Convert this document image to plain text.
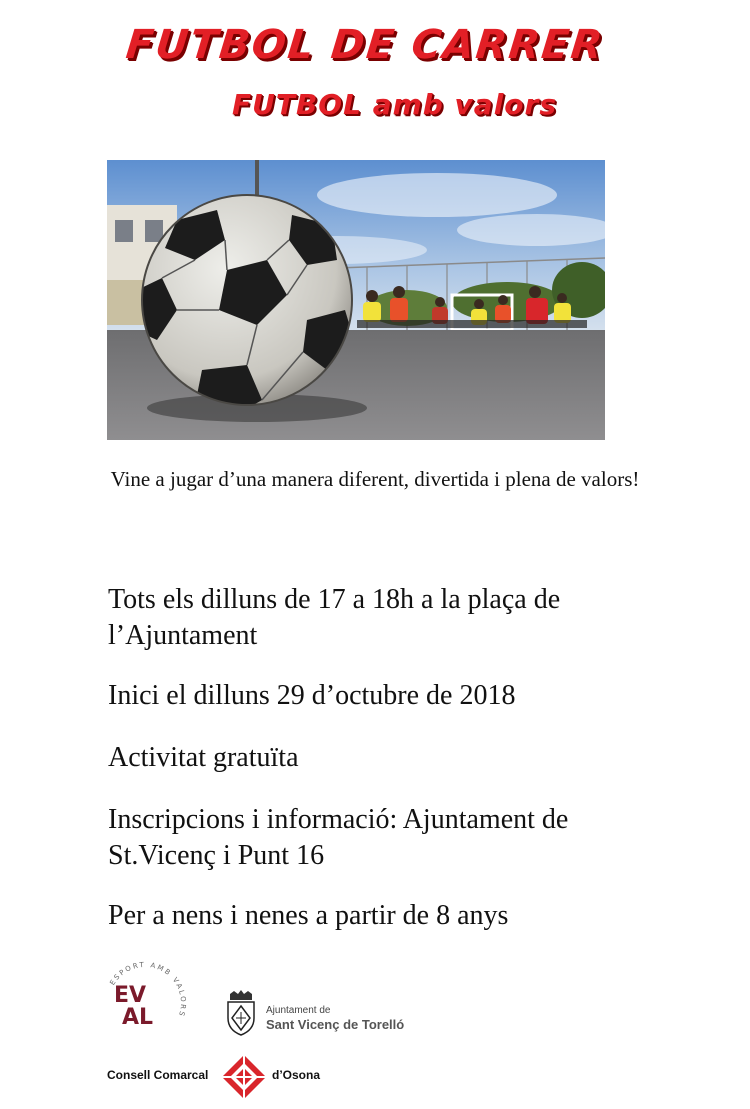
FUTBOL DE CARRER
FUTBOL amb valors
Vine a jugar d’una manera diferent, divertida i plena de valors!
Tots els dilluns de 17 a 18h a la plaça de l’Ajuntament
Inici el dilluns 29 d’octubre de 2018
Activitat gratuïta
Inscripcions i informació: Ajuntament de St.Vicenç i Punt 16
Per a nens i nenes a partir de 8 anys
ESPORT AMB VALORS
EV
AL	Ajuntament de
Sant Vicenç de Torelló
Consell Comarcal	d’Osona
